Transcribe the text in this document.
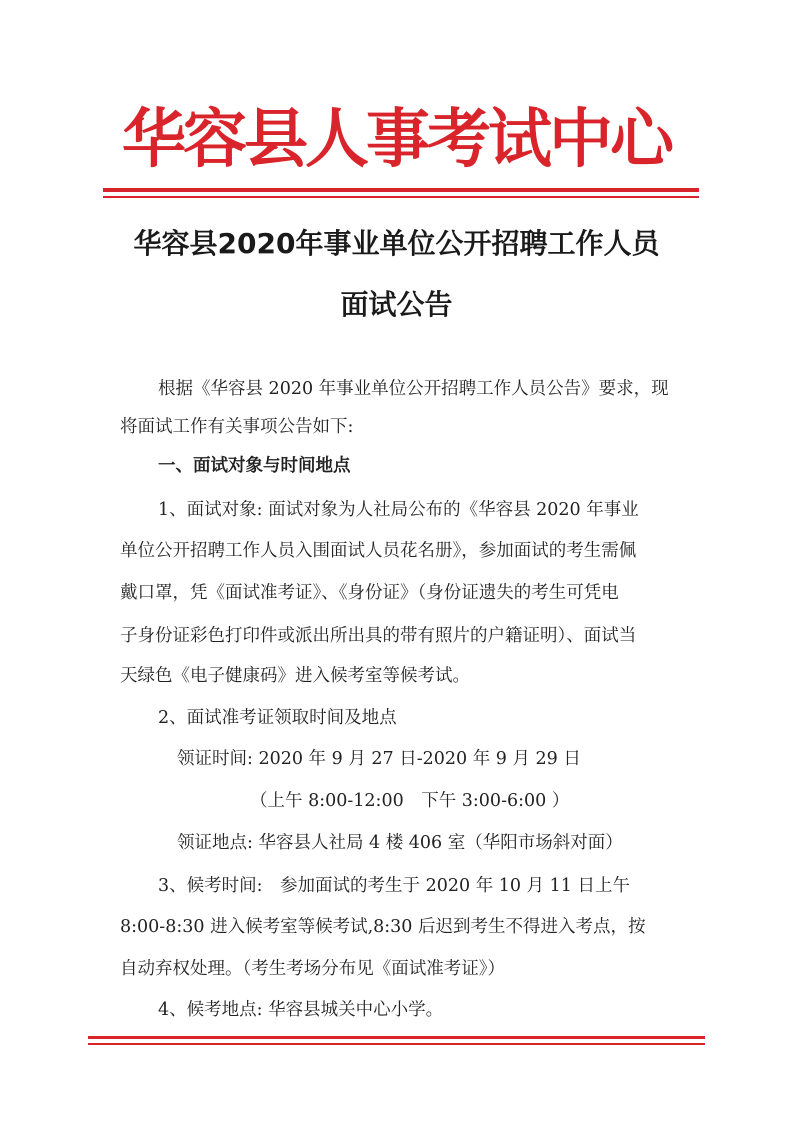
华容县人事考试中心
华容县2020年事业单位公开招聘工作人员
面试公告
根据《华容县 2020 年事业单位公开招聘工作人员公告》要求，现
将面试工作有关事项公告如下:
一、面试对象与时间地点
1、面试对象: 面试对象为人社局公布的《华容县 2020 年事业
单位公开招聘工作人员入围面试人员花名册》，参加面试的考生需佩
戴口罩，凭《面试准考证》、《身份证》（身份证遗失的考生可凭电
子身份证彩色打印件或派出所出具的带有照片的户籍证明）、面试当
天绿色《电子健康码》进入候考室等候考试。
2、面试准考证领取时间及地点
领证时间: 2020 年 9 月 27 日-2020 年 9 月 29 日
（上午 8:00-12:00　下午 3:00-6:00 ）
领证地点: 华容县人社局 4 楼 406 室（华阳市场斜对面）
3、候考时间:　参加面试的考生于 2020 年 10 月 11 日上午
8:00-8:30 进入候考室等候考试,8:30 后迟到考生不得进入考点，按
自动弃权处理。（考生考场分布见《面试准考证》）
4、候考地点: 华容县城关中心小学。
